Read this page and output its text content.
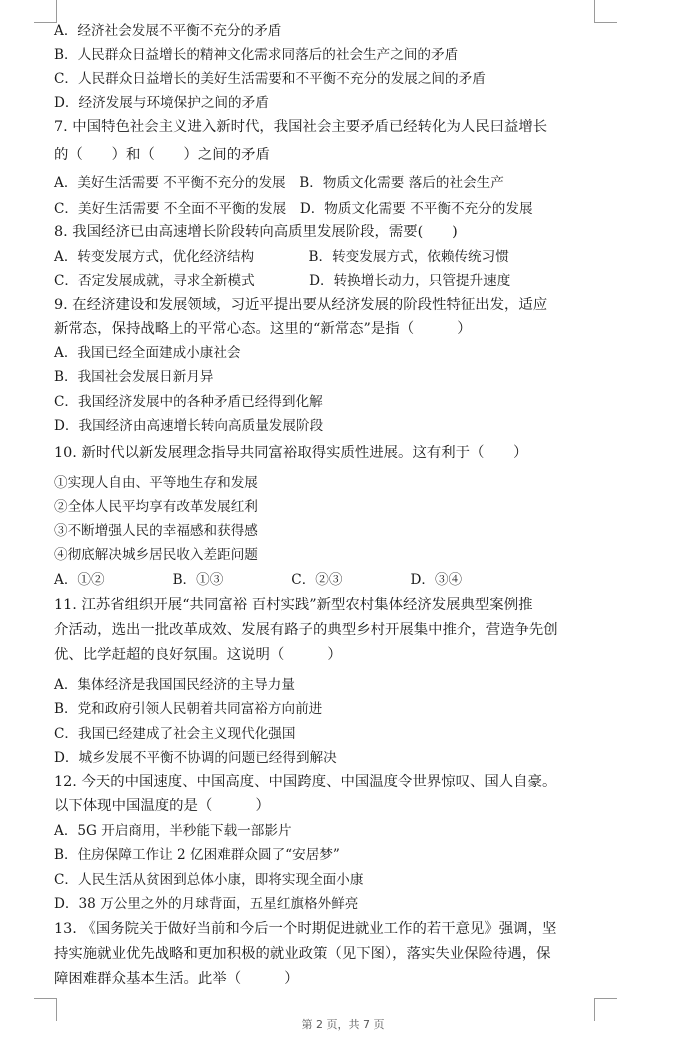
A．经济社会发展不平衡不充分的矛盾
B．人民群众日益增长的精神文化需求同落后的社会生产之间的矛盾
C．人民群众日益增长的美好生活需要和不平衡不充分的发展之间的矛盾
D．经济发展与环境保护之间的矛盾
7. 中国特色社会主义进入新时代，我国社会主要矛盾已经转化为人民曰益增长
的（　　）和（　　）之间的矛盾
A．美好生活需要 不平衡不充分的发展　B．物质文化需要 落后的社会生产
C．美好生活需要 不全面不平衡的发展　D．物质文化需要 不平衡不充分的发展
8. 我国经济已由高速增长阶段转向高质里发展阶段，需要(　　)
A．转变发展方式，优化经济结构　　　　B．转变发展方式，依赖传统习惯
C．否定发展成就，寻求全新模式　　　　D．转换增长动力，只管提升速度
9. 在经济建设和发展领域，习近平提出要从经济发展的阶段性特征出发，适应
新常态，保持战略上的平常心态。这里的“新常态”是指（　　　）
A．我国已经全面建成小康社会
B．我国社会发展日新月异
C．我国经济发展中的各种矛盾已经得到化解
D．我国经济由高速增长转向高质量发展阶段
10. 新时代以新发展理念指导共同富裕取得实质性进展。这有利于（　　）
①实现人自由、平等地生存和发展
②全体人民平均享有改革发展红利
③不断增强人民的幸福感和获得感
④彻底解决城乡居民收入差距问题
A．①②　　　　　B．①③　　　　　C．②③　　　　　D．③④
11. 江苏省组织开展“共同富裕 百村实践”新型农村集体经济发展典型案例推
介活动，选出一批改革成效、发展有路子的典型乡村开展集中推介，营造争先创
优、比学赶超的良好氛围。这说明（　　　）
A．集体经济是我国国民经济的主导力量
B．党和政府引领人民朝着共同富裕方向前进
C．我国已经建成了社会主义现代化强国
D．城乡发展不平衡不协调的问题已经得到解决
12. 今天的中国速度、中国高度、中国跨度、中国温度令世界惊叹、国人自豪。
以下体现中国温度的是（　　　）
A．5G 开启商用，半秒能下载一部影片
B．住房保障工作让 2 亿困难群众圆了“安居梦”
C．人民生活从贫困到总体小康，即将实现全面小康
D．38 万公里之外的月球背面，五星红旗格外鲜亮
13. 《国务院关于做好当前和今后一个时期促进就业工作的若干意见》强调，坚
持实施就业优先战略和更加积极的就业政策（见下图），落实失业保险待遇，保
障困难群众基本生活。此举（　　　）
第 2 页，共 7 页
